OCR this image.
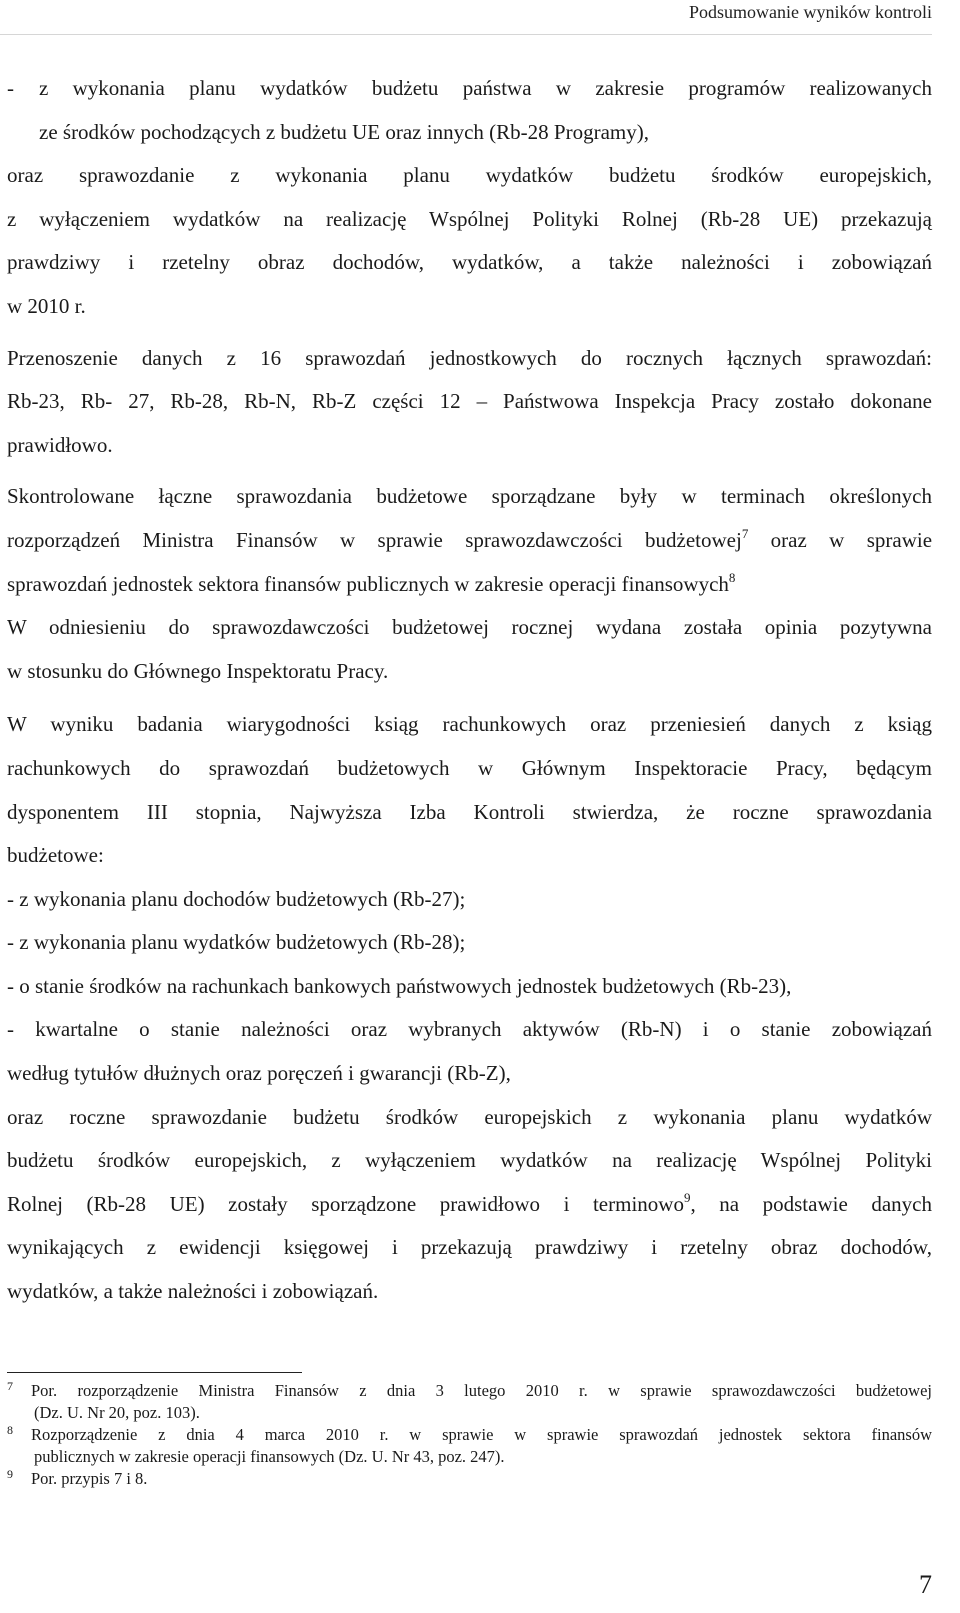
Podsumowanie wyników kontroli
- z wykonania planu wydatków budżetu państwa w zakresie programów realizowanych
ze środków pochodzących z budżetu UE oraz innych (Rb-28 Programy),
oraz sprawozdanie z wykonania planu wydatków budżetu środków europejskich,
z wyłączeniem wydatków na realizację Wspólnej Polityki Rolnej (Rb-28 UE) przekazują
prawdziwy i rzetelny obraz dochodów, wydatków, a także należności i zobowiązań
w 2010 r.
Przenoszenie danych z 16 sprawozdań jednostkowych do rocznych łącznych sprawozdań:
Rb-23, Rb- 27, Rb-28, Rb-N, Rb-Z części 12 – Państwowa Inspekcja Pracy zostało dokonane
prawidłowo.
Skontrolowane łączne sprawozdania budżetowe sporządzane były w terminach określonych
rozporządzeń Ministra Finansów w sprawie sprawozdawczości budżetowej$^7$ oraz w sprawie
sprawozdań jednostek sektora finansów publicznych w zakresie operacji finansowych$^8$
W odniesieniu do sprawozdawczości budżetowej rocznej wydana została opinia pozytywna
w stosunku do Głównego Inspektoratu Pracy.
W wyniku badania wiarygodności ksiąg rachunkowych oraz przeniesień danych z ksiąg
rachunkowych do sprawozdań budżetowych w Głównym Inspektoracie Pracy, będącym
dysponentem III stopnia, Najwyższa Izba Kontroli stwierdza, że roczne sprawozdania
budżetowe:
- z wykonania planu dochodów budżetowych (Rb-27);
- z wykonania planu wydatków budżetowych (Rb-28);
- o stanie środków na rachunkach bankowych państwowych jednostek budżetowych (Rb-23),
- kwartalne o stanie należności oraz wybranych aktywów (Rb-N) i o stanie zobowiązań
według tytułów dłużnych oraz poręczeń i gwarancji (Rb-Z),
oraz roczne sprawozdanie budżetu środków europejskich z wykonania planu wydatków
budżetu środków europejskich, z wyłączeniem wydatków na realizację Wspólnej Polityki
Rolnej (Rb-28 UE) zostały sporządzone prawidłowo i terminowo$^9$, na podstawie danych
wynikających z ewidencji księgowej i przekazują prawdziwy i rzetelny obraz dochodów,
wydatków, a także należności i zobowiązań.
7 Por. rozporządzenie Ministra Finansów z dnia 3 lutego 2010 r. w sprawie sprawozdawczości budżetowej
(Dz. U. Nr 20, poz. 103).
8 Rozporządzenie z dnia 4 marca 2010 r. w sprawie w sprawie sprawozdań jednostek sektora finansów
publicznych w zakresie operacji finansowych (Dz. U. Nr 43, poz. 247).
9 Por. przypis 7 i 8.
7
